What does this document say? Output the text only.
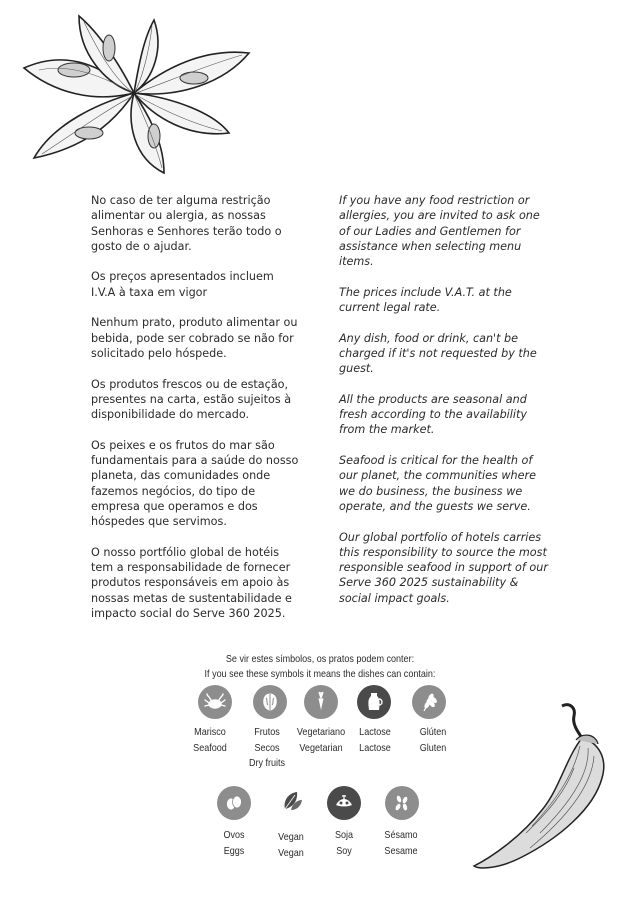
No caso de ter alguma restrição alimentar ou alergia, as nossas Senhoras e Senhores terão todo o gosto de o ajudar.

Os preços apresentados incluem I.V.A à taxa em vigor

Nenhum prato, produto alimentar ou bebida, pode ser cobrado se não for solicitado pelo hóspede.

Os produtos frescos ou de estação, presentes na carta, estão sujeitos à disponibilidade do mercado.

Os peixes e os frutos do mar são fundamentais para a saúde do nosso planeta, das comunidades onde fazemos negócios, do tipo de empresa que operamos e dos hóspedes que servimos.

O nosso portfólio global de hotéis tem a responsabilidade de fornecer produtos responsáveis em apoio às nossas metas de sustentabilidade e impacto social do Serve 360 2025.

If you have any food restriction or allergies, you are invited to ask one of our Ladies and Gentlemen for assistance when selecting menu items.

The prices include V.A.T. at the current legal rate.

Any dish, food or drink, can't be charged if it's not requested by the guest.

All the products are seasonal and fresh according to the availability from the market.

Seafood is critical for the health of our planet, the communities where we do business, the business we operate, and the guests we serve.

Our global portfolio of hotels carries this responsibility to source the most responsible seafood in support of our Serve 360 2025 sustainability & social impact goals.

Se vir estes símbolos, os pratos podem conter:
If you see these symbols it means the dishes can contain:
Marisco
Seafood
Frutos
Secos
Dry fruits
Vegetariano
Vegetarian
Lactose
Lactose
Glúten
Gluten
Ovos
Eggs
Vegan
Vegan
Soja
Soy
Sésamo
Sesame
